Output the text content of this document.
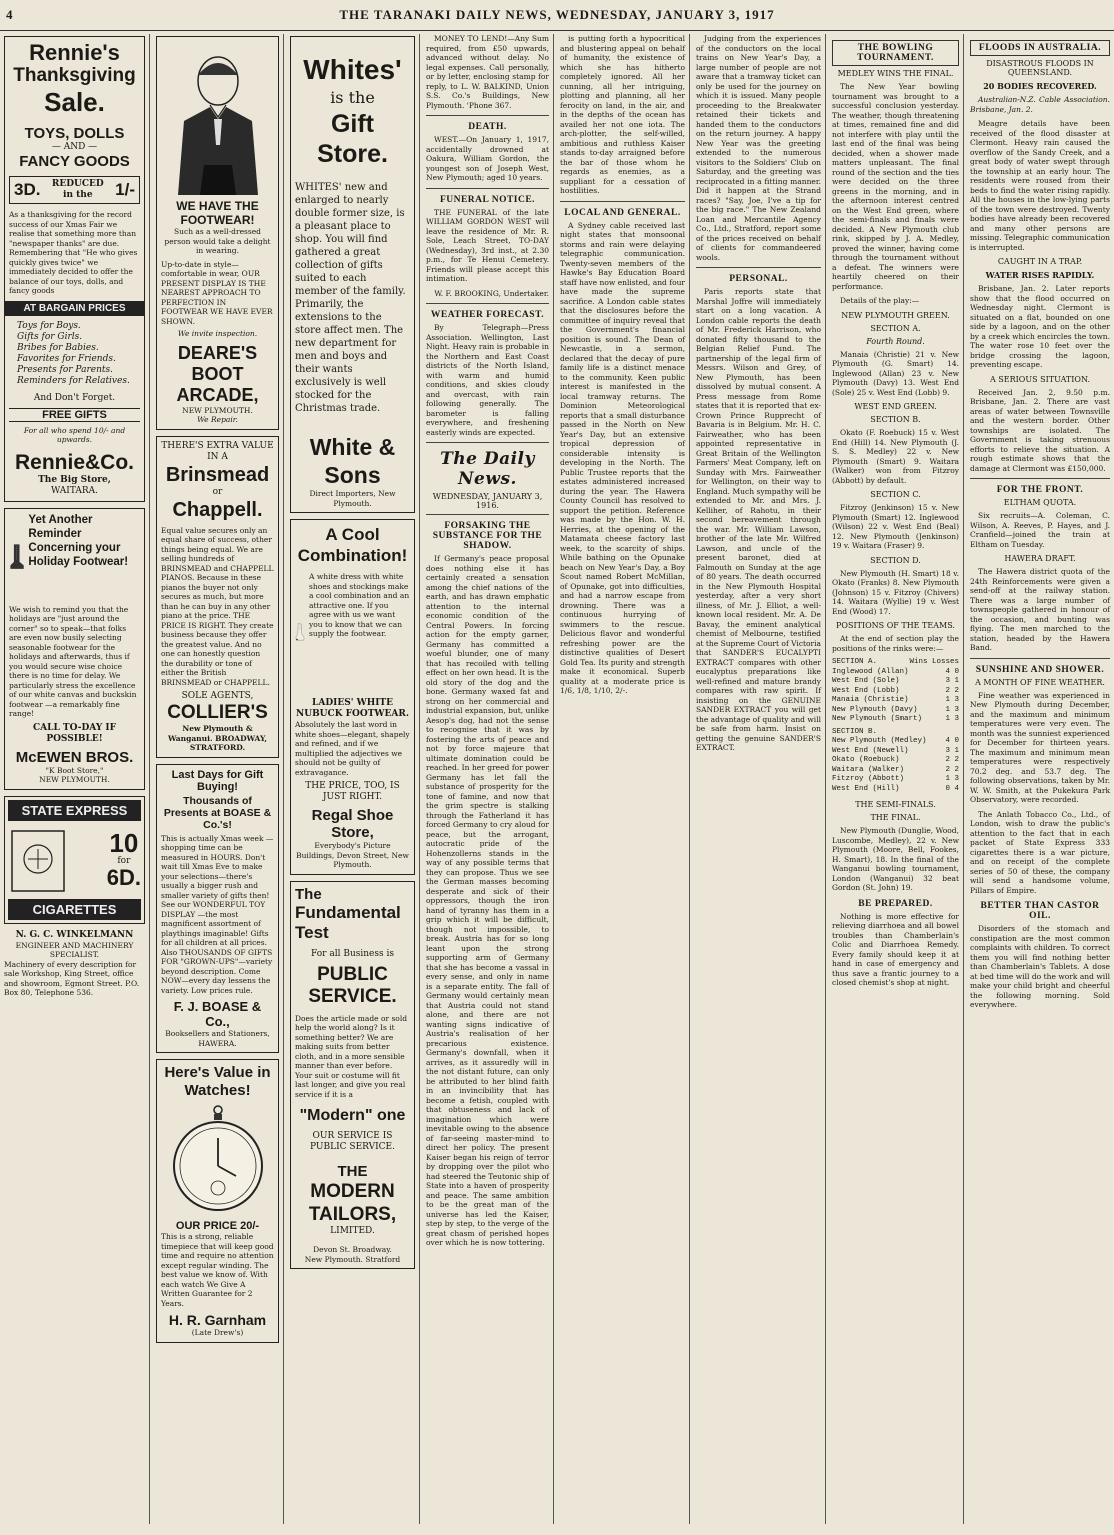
4	THE TARANAKI DAILY NEWS, WEDNESDAY, JANUARY 3, 1917
Rennie's
Thanksgiving
Sale.
TOYS, DOLLS
— AND —
FANCY GOODS
3D.	REDUCED in the	1/-
As a thanksgiving for the record success of our Xmas Fair we realise that something more than "newspaper thanks" are due. Remembering that "He who gives quickly gives twice" we immediately decided to offer the balance of our toys, dolls, and fancy goods
AT BARGAIN PRICES
Toys for Boys.
Gifts for Girls.
Bribes for Babies.
Favorites for Friends.
Presents for Parents.
Reminders for Relatives.
And Don't Forget.
FREE GIFTS
For all who spend 10/- and upwards.
Rennie&Co.
The Big Store,
WAITARA.
Yet Another Reminder Concerning your Holiday Footwear!
We wish to remind you that the holidays are "just around the corner" so to speak—that folks are even now busily selecting seasonable footwear for the holidays and afterwards, thus if you would secure wise choice there is no time for delay. We particularly stress the excellence of our white canvas and buckskin footwear —a remarkably fine range!
CALL TO-DAY IF POSSIBLE!
McEWEN BROS.
"K Boot Store,"
NEW PLYMOUTH.
STATE EXPRESS
10
for
6D.
CIGARETTES
N. G. C. WINKELMANN
ENGINEER AND MACHINERY SPECIALIST.
Machinery of every description for sale Workshop, King Street, office and showroom, Egmont Street. P.O. Box 80, Telephone 536.
WE HAVE THE FOOTWEAR!
Such as a well-dressed person would take a delight in wearing.
Up-to-date in style—comfortable in wear, OUR PRESENT DISPLAY IS THE NEAREST APPROACH TO PERFECTION IN FOOTWEAR WE HAVE EVER SHOWN.
We invite inspection.
DEARE'S BOOT ARCADE,
NEW PLYMOUTH.
We Repair.
THERE'S EXTRA VALUE IN A
Brinsmead
or
Chappell.
Equal value secures only an equal share of success, other things being equal. We are selling hundreds of BRINSMEAD and CHAPPELL PIANOS. Because in these pianos the buyer not only secures as much, but more than he can buy in any other piano at the price. THE PRICE IS RIGHT. They create business because they offer the greatest value. And no one can honestly question the durability or tone of either the British BRINSMEAD or CHAPPELL.
SOLE AGENTS,
COLLIER'S
New Plymouth & Wanganui. BROADWAY, STRATFORD.
Last Days for Gift Buying!
Thousands of Presents at BOASE & Co.'s!
This is actually Xmas week —shopping time can be measured in HOURS. Don't wait till Xmas Eve to make your selections—there's usually a bigger rush and smaller variety of gifts then! See our WONDERFUL TOY DISPLAY —the most magnificent assortment of playthings imaginable! Gifts for all children at all prices. Also THOUSANDS OF GIFTS FOR "GROWN-UPS"—variety beyond description. Come NOW—every day lessens the variety. Low prices rule.
F. J. BOASE & Co.,
Booksellers and Stationers, HAWERA.
Here's Value in Watches!
OUR PRICE 20/-
This is a strong, reliable timepiece that will keep good time and require no attention except regular winding. The best value we know of. With each watch We Give A Written Guarantee for 2 Years.
H. R. Garnham
(Late Drew's)
Whites'
is the
Gift Store.
WHITES' new and enlarged to nearly double former size, is a pleasant place to shop. You will find gathered a great collection of gifts suited to each member of the family. Primarily, the extensions to the store affect men. The new department for men and boys and their wants exclusively is well stocked for the Christmas trade.
White & Sons
Direct Importers, New Plymouth.
A Cool Combination!
A white dress with white shoes and stockings make a cool combination and an attractive one. If you agree with us we want you to know that we can supply the footwear.
LADIES' WHITE NUBUCK FOOTWEAR.
Absolutely the last word in white shoes—elegant, shapely and refined, and if we multiplied the adjectives we should not be guilty of extravagance.
THE PRICE, TOO, IS JUST RIGHT.
Regal Shoe Store,
Everybody's Picture Buildings, Devon Street, New Plymouth.
The
Fundamental Test
For all Business is
PUBLIC SERVICE.
Does the article made or sold help the world along? Is it something better? We are making suits from better cloth, and in a more sensible manner than ever before. Your suit or costume will fit last longer, and give you real service if it is a
"Modern" one
OUR SERVICE IS PUBLIC SERVICE.
THE
MODERN TAILORS,
LIMITED.
Devon St. Broadway.
New Plymouth. Stratford

MONEY TO LEND!—Any Sum required, from £50 upwards, advanced without delay. No legal expenses. Call personally, or by letter, enclosing stamp for reply, to L. W. BALKIND, Union S.S. Co.'s Buildings, New Plymouth. 'Phone 367.

DEATH.

WEST.—On January 1, 1917, accidentally drowned at Oakura, William Gordon, the youngest son of Joseph West, New Plymouth; aged 10 years.

FUNERAL NOTICE.

THE FUNERAL of the late WILLIAM GORDON WEST will leave the residence of Mr. R. Sole, Leach Street, TO-DAY (Wednesday), 3rd inst., at 2.30 p.m., for Te Henui Cemetery. Friends will please accept this intimation.

W. F. BROOKING, Undertaker.

WEATHER FORECAST.

By Telegraph—Press Association. Wellington, Last Night. Heavy rain is probable in the Northern and East Coast districts of the North Island, with warm and humid conditions, and skies cloudy and overcast, with rain following generally. The barometer is falling everywhere, and freshening easterly winds are expected.

The Daily News.
WEDNESDAY, JANUARY 3, 1916.
FORSAKING THE SUBSTANCE FOR THE SHADOW.

If Germany's peace proposal does nothing else it has certainly created a sensation among the chief nations of the earth, and has drawn emphatic attention to the internal economic condition of the Central Powers. In forcing action for the empty garner, Germany has committed a woeful blunder, one of many that has recoiled with telling effect on her own head. It is the old story of the dog and the bone. Germany waxed fat and strong on her commercial and industrial expansion, but, unlike Aesop's dog, had not the sense to recognise that it was by fostering the arts of peace and not by force majeure that ultimate domination could be reached. In her greed for power Germany has let fall the substance of prosperity for the tone of famine, and now that the grim spectre is stalking through the Fatherland it has forced Germany to cry aloud for peace, but the arrogant, autocratic pride of the Hohenzollerns stands in the way of any possible terms that they can propose. Thus we see the German masses becoming desperate and sick of their oppressors, though the iron hand of tyranny has them in a grip which it will be difficult, though not impossible, to break. Austria has for so long leant upon the strong supporting arm of Germany that she has become a vassal in every sense, and only in name is a separate entity. The fall of Germany would certainly mean that Austria could not stand alone, and there are not wanting signs indicative of Austria's realisation of her precarious existence. Germany's downfall, when it arrives, as it assuredly will in the not distant future, can only be attributed to her blind faith in an invincibility that has become a fetish, coupled with that obtuseness and lack of imagination which were inevitable owing to the absence of far-seeing master-mind to direct her policy. The present Kaiser began his reign of terror by dropping over the pilot who had steered the Teutonic ship of State into a haven of prosperity and peace. The same ambition to be the great man of the universe has led the Kaiser, step by step, to the verge of the great chasm of perished hopes over which he is now tottering.

is putting forth a hypocritical and blustering appeal on behalf of humanity, the existence of which she has hitherto completely ignored. All her cunning, all her intriguing, plotting and planning, all her ferocity on land, in the air, and in the depths of the ocean has availed her not one iota. The arch-plotter, the self-willed, ambitious and ruthless Kaiser stands to-day arraigned before the bar of those whom he regards as enemies, as a suppliant for a cessation of hostilities.

LOCAL AND GENERAL.

A Sydney cable received last night states that monsoonal storms and rain were delaying telegraphic communication. Twenty-seven members of the Hawke's Bay Education Board staff have now enlisted, and four have made the supreme sacrifice. A London cable states that the disclosures before the committee of inquiry reveal that the Government's financial position is sound. The Dean of Newcastle, in a sermon, declared that the decay of pure family life is a distinct menace to the community. Keen public interest is manifested in the local tramway returns. The Dominion Meteorological reports that a small disturbance passed in the North on New Year's Day, but an extensive tropical depression of considerable intensity is developing in the North. The Public Trustee reports that the estates administered increased during the year. The Hawera County Council has resolved to support the petition. Reference was made by the Hon. W. H. Herries, at the opening of the Matamata cheese factory last week, to the scarcity of ships. While bathing on the Opunake beach on New Year's Day, a Boy Scout named Robert McMillan, of Opunake, got into difficulties, and had a narrow escape from drowning. There was a continuous hurrying of swimmers to the rescue. Delicious flavor and wonderful refreshing power are the distinctive qualities of Desert Gold Tea. Its purity and strength make it economical. Superb quality at a moderate price is 1/6, 1/8, 1/10, 2/-.

Judging from the experiences of the conductors on the local trains on New Year's Day, a large number of people are not aware that a tramway ticket can only be used for the journey on which it is issued. Many people proceeding to the Breakwater retained their tickets and handed them to the conductors on the return journey. A happy New Year was the greeting extended to the numerous visitors to the Soldiers' Club on Saturday, and the greeting was reciprocated in a fitting manner. Did it happen at the Strand races? "Say, Joe, I've a tip for the big race." The New Zealand Loan and Mercantile Agency Co., Ltd., Stratford, report some of the prices received on behalf of clients for commandeered wools.

PERSONAL.

Paris reports state that Marshal Joffre will immediately start on a long vacation. A London cable reports the death of Mr. Frederick Harrison, who donated fifty thousand to the Belgian Relief Fund. The partnership of the legal firm of Messrs. Wilson and Grey, of New Plymouth, has been dissolved by mutual consent. A Press message from Rome states that it is reported that ex-Crown Prince Rupprecht of Bavaria is in Belgium. Mr. H. C. Fairweather, who has been appointed representative in Great Britain of the Wellington Farmers' Meat Company, left on Sunday with Mrs. Fairweather for Wellington, on their way to England. Much sympathy will be extended to Mr. and Mrs. J. Kelliher, of Rahotu, in their second bereavement through the war. Mr. William Lawson, brother of the late Mr. Wilfred Lawson, and uncle of the present baronet, died at Falmouth on Sunday at the age of 80 years. The death occurred in the New Plymouth Hospital yesterday, after a very short illness, of Mr. J. Elliot, a well-known local resident. Mr. A. De Bavay, the eminent analytical chemist of Melbourne, testified at the Supreme Court of Victoria that SANDER'S EUCALYPTI EXTRACT compares with other eucalyptus preparations like well-refined and mature brandy compares with raw spirit. If insisting on the GENUINE SANDER EXTRACT you will get the advantage of quality and will be safe from harm. Insist on getting the genuine SANDER'S EXTRACT.

THE BOWLING TOURNAMENT.
MEDLEY WINS THE FINAL.

The New Year bowling tournament was brought to a successful conclusion yesterday. The weather, though threatening at times, remained fine and did not interfere with play until the last end of the final was being decided, when a shower made matters unpleasant. The final round of the section and the ties were decided on the three greens in the morning, and in the afternoon interest centred on the West End green, where the semi-finals and finals were decided. A New Plymouth club rink, skipped by J. A. Medley, proved the winner, having come through the tournament without a defeat. The winners were heartily cheered on their performance.

Details of the play:—

NEW PLYMOUTH GREEN.
SECTION A.
Fourth Round.

Manaia (Christie) 21 v. New Plymouth (G. Smart) 14. Inglewood (Allan) 23 v. New Plymouth (Davy) 13. West End (Sole) 25 v. West End (Lobb) 9.

WEST END GREEN.
SECTION B.

Okato (F. Roebuck) 15 v. West End (Hill) 14. New Plymouth (J. S. S. Medley) 22 v. New Plymouth (Smart) 9. Waitara (Walker) won from Fitzroy (Abbott) by default.

SECTION C.

Fitzroy (Jenkinson) 15 v. New Plymouth (Smart) 12. Inglewood (Wilson) 22 v. West End (Beal) 12. New Plymouth (Jenkinson) 19 v. Waitara (Fraser) 9.

SECTION D.

New Plymouth (H. Smart) 18 v. Okato (Franks) 8. New Plymouth (Johnson) 15 v. Fitzroy (Chivers) 14. Waitara (Wyllie) 19 v. West End (Wood) 17.

POSITIONS OF THE TEAMS.

At the end of section play the positions of the rinks were:—

SECTION A.	Wins Losses
Inglewood (Allan)	4 0
West End (Sole)	3 1
West End (Lobb)	2 2
Manaia (Christie)	1 3
New Plymouth (Davy)	1 3
New Plymouth (Smart)	1 3
SECTION B.
New Plymouth (Medley)	4 0
West End (Newell)	3 1
Okato (Roebuck)	2 2
Waitara (Walker)	2 2
Fitzroy (Abbott)	1 3
West End (Hill)	0 4
THE SEMI-FINALS.
THE FINAL.

New Plymouth (Dunglie, Wood, Luscombe, Medley), 22 v. New Plymouth (Moore, Bell, Fookes, H. Smart), 18. In the final of the Wanganui bowling tournament, London (Wanganui) 32 beat Gordon (St. John) 19.

BE PREPARED.

Nothing is more effective for relieving diarrhoea and all bowel troubles than Chamberlain's Colic and Diarrhoea Remedy. Every family should keep it at hand in case of emergency and thus save a frantic journey to a closed chemist's shop at night.

FLOODS IN AUSTRALIA.
DISASTROUS FLOODS IN QUEENSLAND.
20 BODIES RECOVERED.

Australian-N.Z. Cable Association. Brisbane, Jan. 2.

Meagre details have been received of the flood disaster at Clermont. Heavy rain caused the overflow of the Sandy Creek, and a great body of water swept through the township at an early hour. The residents were roused from their beds to find the water rising rapidly. All the houses in the low-lying parts of the town were destroyed. Twenty bodies have already been recovered and many other persons are missing. Telegraphic communication is interrupted.

CAUGHT IN A TRAP.
WATER RISES RAPIDLY.

Brisbane, Jan. 2. Later reports show that the flood occurred on Wednesday night. Clermont is situated on a flat, bounded on one side by a lagoon, and on the other by a creek which encircles the town. The water rose 10 feet over the bridge crossing the lagoon, preventing escape.

A SERIOUS SITUATION.

Received Jan. 2, 9.50 p.m. Brisbane, Jan. 2. There are vast areas of water between Townsville and the western border. Other townships are isolated. The Government is taking strenuous efforts to relieve the situation. A rough estimate shows that the damage at Clermont was £150,000.

FOR THE FRONT.
ELTHAM QUOTA.

Six recruits—A. Coleman, C. Wilson, A. Reeves, P. Hayes, and J. Cranfield—joined the train at Eltham on Tuesday.

HAWERA DRAFT.

The Hawera district quota of the 24th Reinforcements were given a send-off at the railway station. There was a large number of townspeople gathered in honour of the occasion, and bunting was flying. The men marched to the station, headed by the Hawera Band.

SUNSHINE AND SHOWER.
A MONTH OF FINE WEATHER.

Fine weather was experienced in New Plymouth during December, and the maximum and minimum temperatures were very even. The month was the sunniest experienced for December for thirteen years. The maximum and minimum mean temperatures were respectively 70.2 deg. and 53.7 deg. The following observations, taken by Mr. W. W. Smith, at the Pukekura Park Observatory, were recorded.

The Anlath Tobacco Co., Ltd., of London, wish to draw the public's attention to the fact that in each packet of State Express 333 cigarettes there is a war picture, and on receipt of the complete series of 50 of these, the company will send a handsome volume, Pillars of Empire.

BETTER THAN CASTOR OIL.

Disorders of the stomach and constipation are the most common complaints with children. To correct them you will find nothing better than Chamberlain's Tablets. A dose at bed time will do the work and will make your child bright and cheerful the following morning. Sold everywhere.
